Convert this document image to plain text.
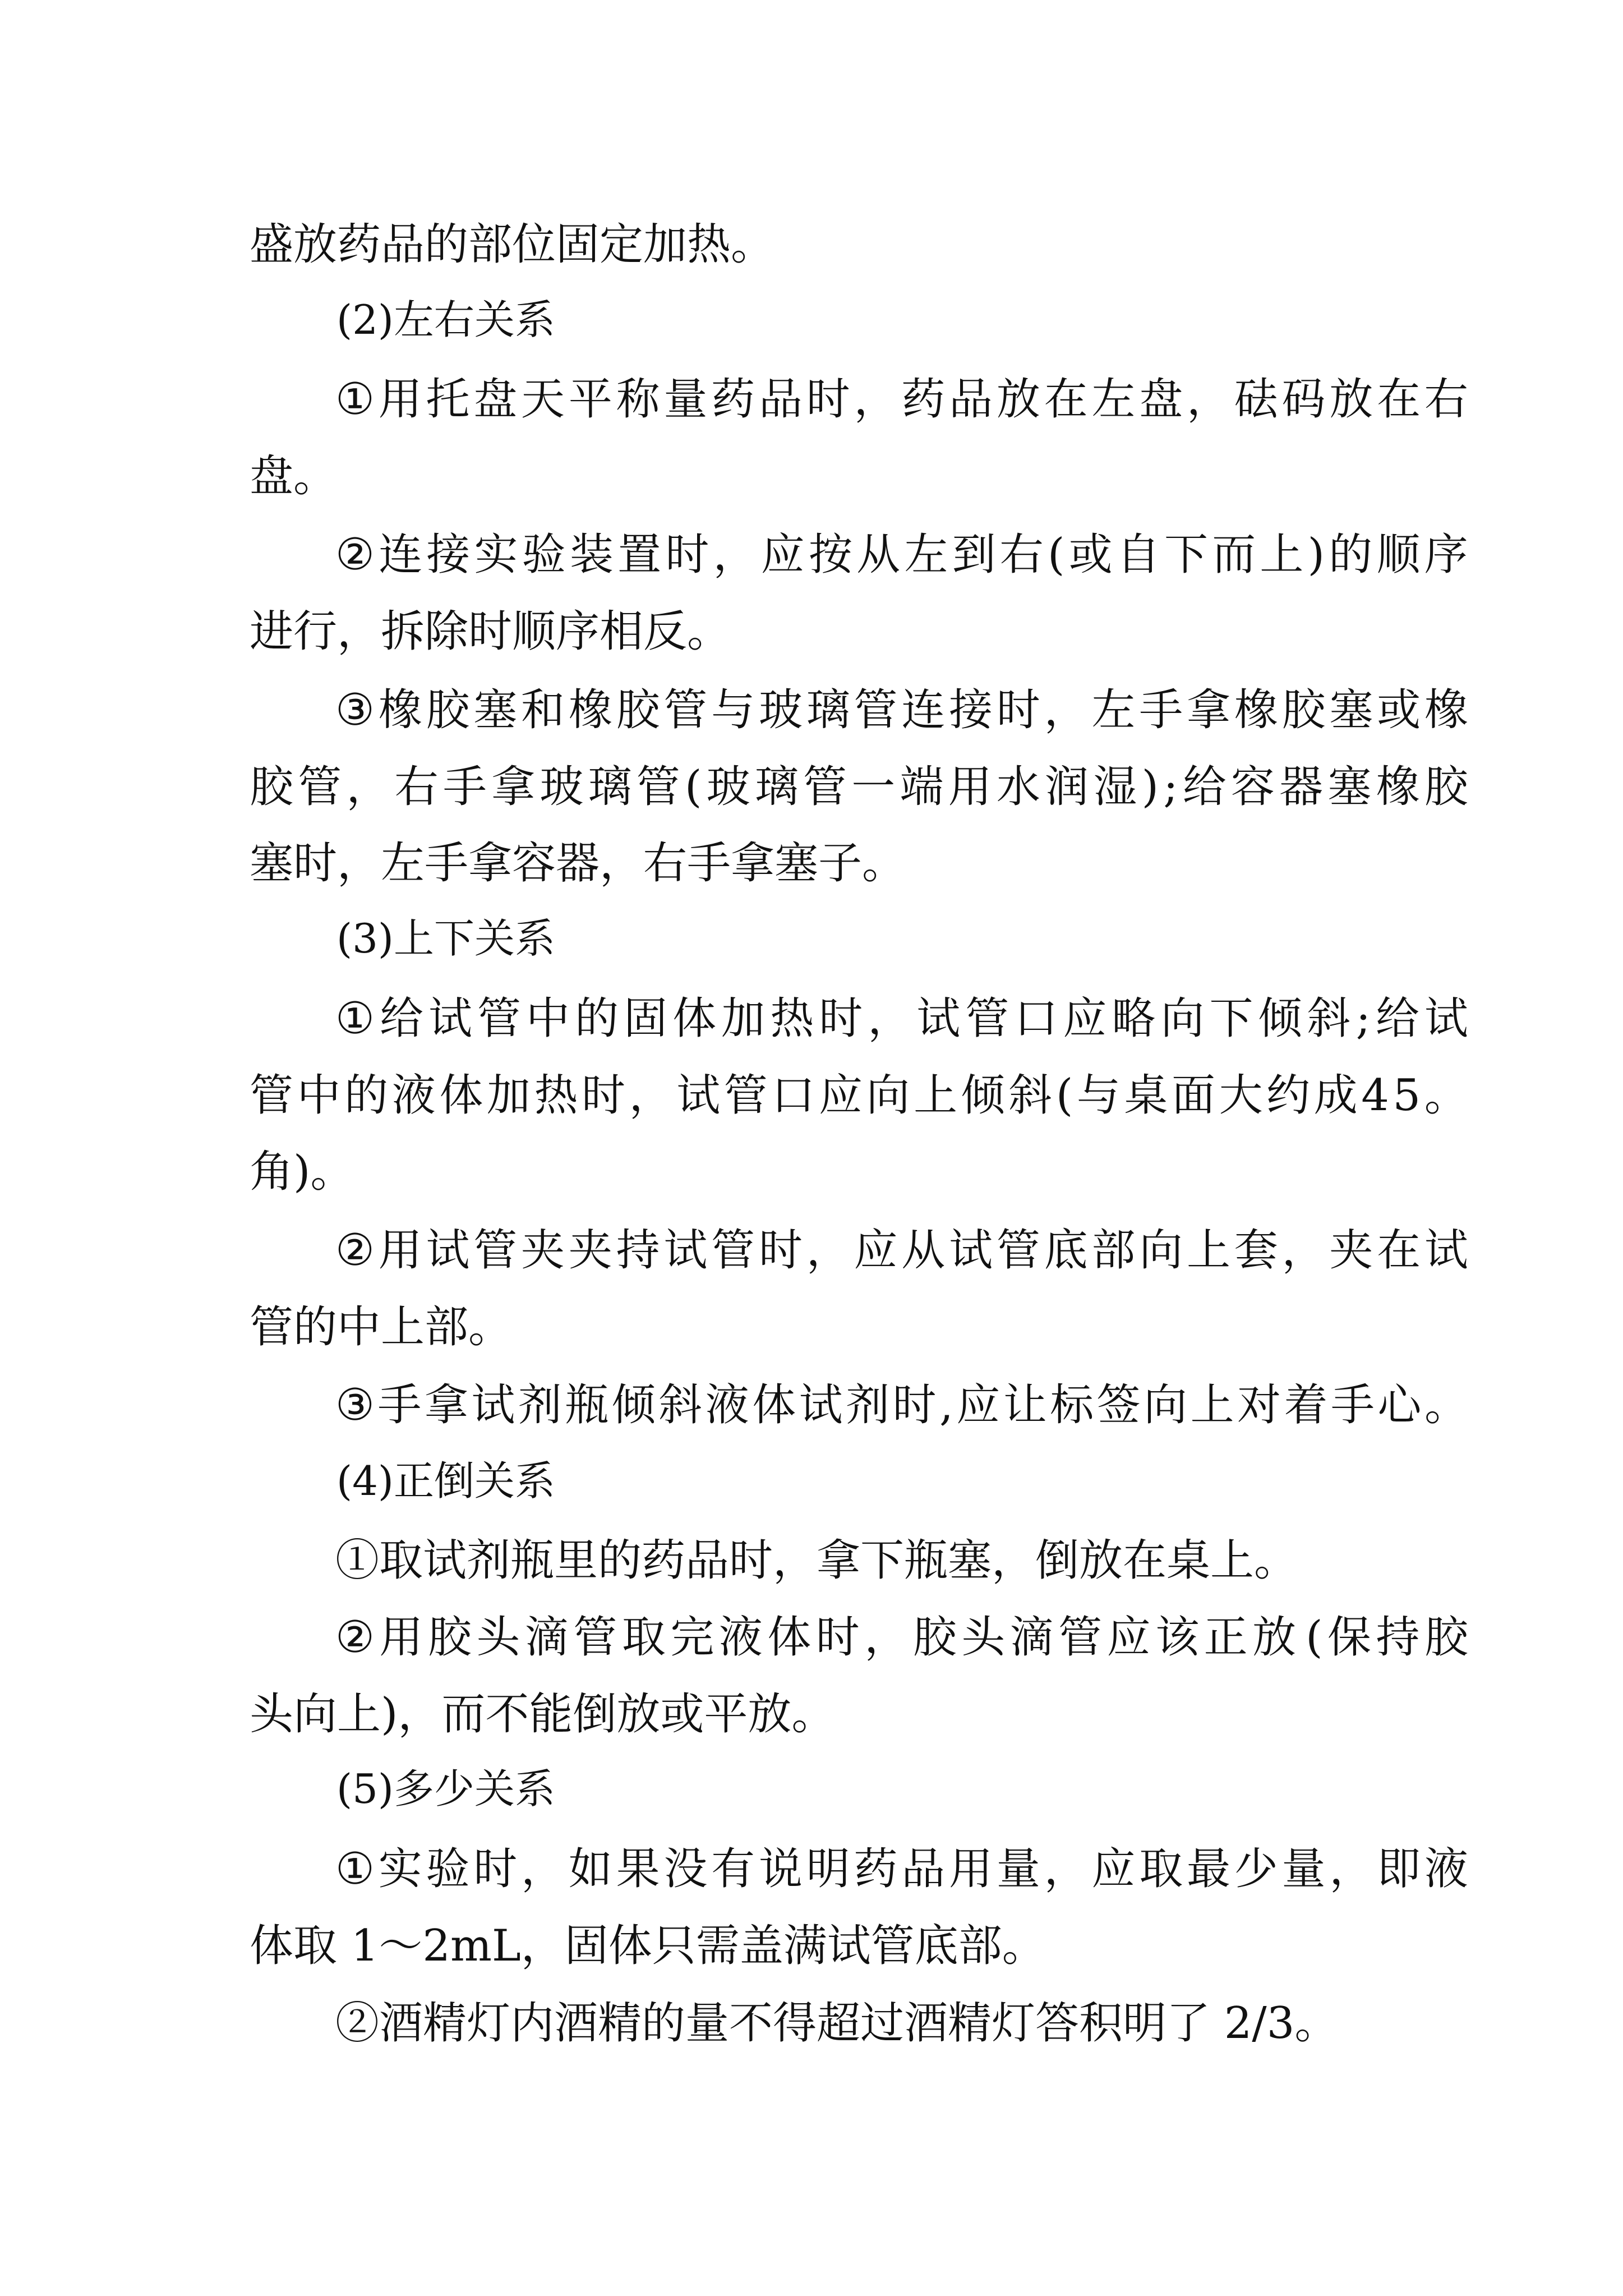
盛放药品的部位固定加热。
(2)左右关系
① 用 托 盘 天 平 称 量 药 品 时 ， 药 品 放 在 左 盘 ， 砝 码 放 在 右
盘。
② 连 接 实 验 装 置 时 ， 应 按 从 左 到 右 ( 或 自 下 而 上 ) 的 顺 序
进行，拆除时顺序相反。
③ 橡 胶 塞 和 橡 胶 管 与 玻 璃 管 连 接 时 ， 左 手 拿 橡 胶 塞 或 橡
胶 管 ， 右 手 拿 玻 璃 管 ( 玻 璃 管 一 端 用 水 润 湿 ) ; 给 容 器 塞 橡 胶
塞时，左手拿容器，右手拿塞子。
(3)上下关系
① 给 试 管 中 的 固 体 加 热 时 ， 试 管 口 应 略 向 下 倾 斜 ; 给 试
管 中 的 液 体 加 热 时 ， 试 管 口 应 向 上 倾 斜 ( 与 桌 面 大 约 成 4 5 。
角)。
② 用 试 管 夹 夹 持 试 管 时 ， 应 从 试 管 底 部 向 上 套 ， 夹 在 试
管的中上部。
③ 手 拿 试 剂 瓶 倾 斜 液 体 试 剂 时 , 应 让 标 签 向 上 对 着 手 心 。
(4)正倒关系
①取试剂瓶里的药品时，拿下瓶塞，倒放在桌上。
② 用 胶 头 滴 管 取 完 液 体 时 ， 胶 头 滴 管 应 该 正 放 ( 保 持 胶
头向上)，而不能倒放或平放。
(5)多少关系
① 实 验 时 ， 如 果 没 有 说 明 药 品 用 量 ， 应 取 最 少 量 ， 即 液
体取 1～2mL，固体只需盖满试管底部。
②酒精灯内酒精的量不得超过酒精灯答积明了 2/3。
